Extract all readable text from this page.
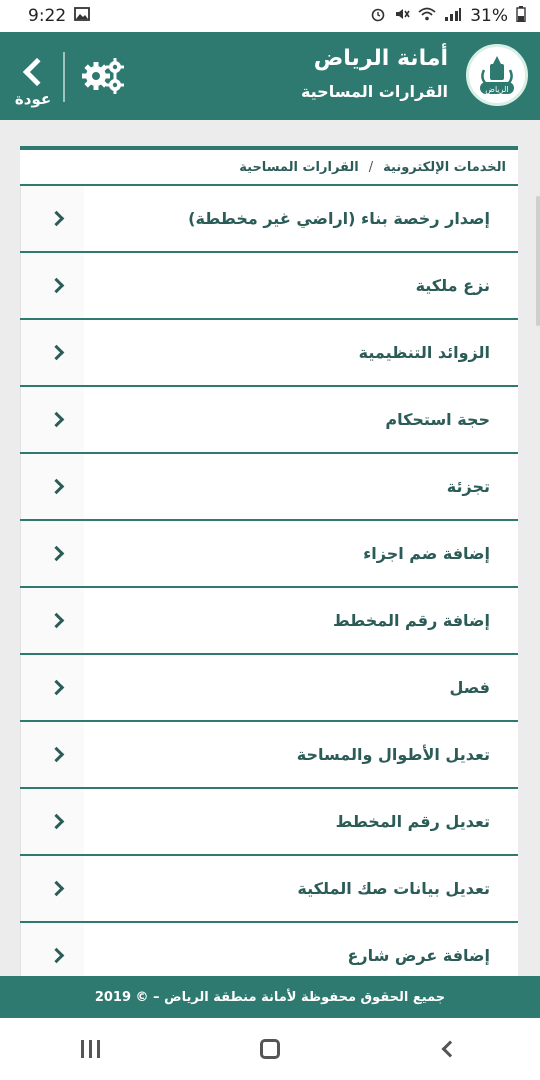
9:22	31%
عودة
أمانة الرياض
القرارات المساحية	الرياض
الخدمات الإلكترونية
/
القرارات المساحية
إصدار رخصة بناء (اراضي غير مخططة)
نزع ملكية
الزوائد التنظيمية
حجة استحكام
تجزئة
إضافة ضم اجزاء
إضافة رقم المخطط
فصل
تعديل الأطوال والمساحة
تعديل رقم المخطط
تعديل بيانات صك الملكية
إضافة عرض شارع
جميع الحقوق محفوظة لأمانة منطقة الرياض – © 2019
